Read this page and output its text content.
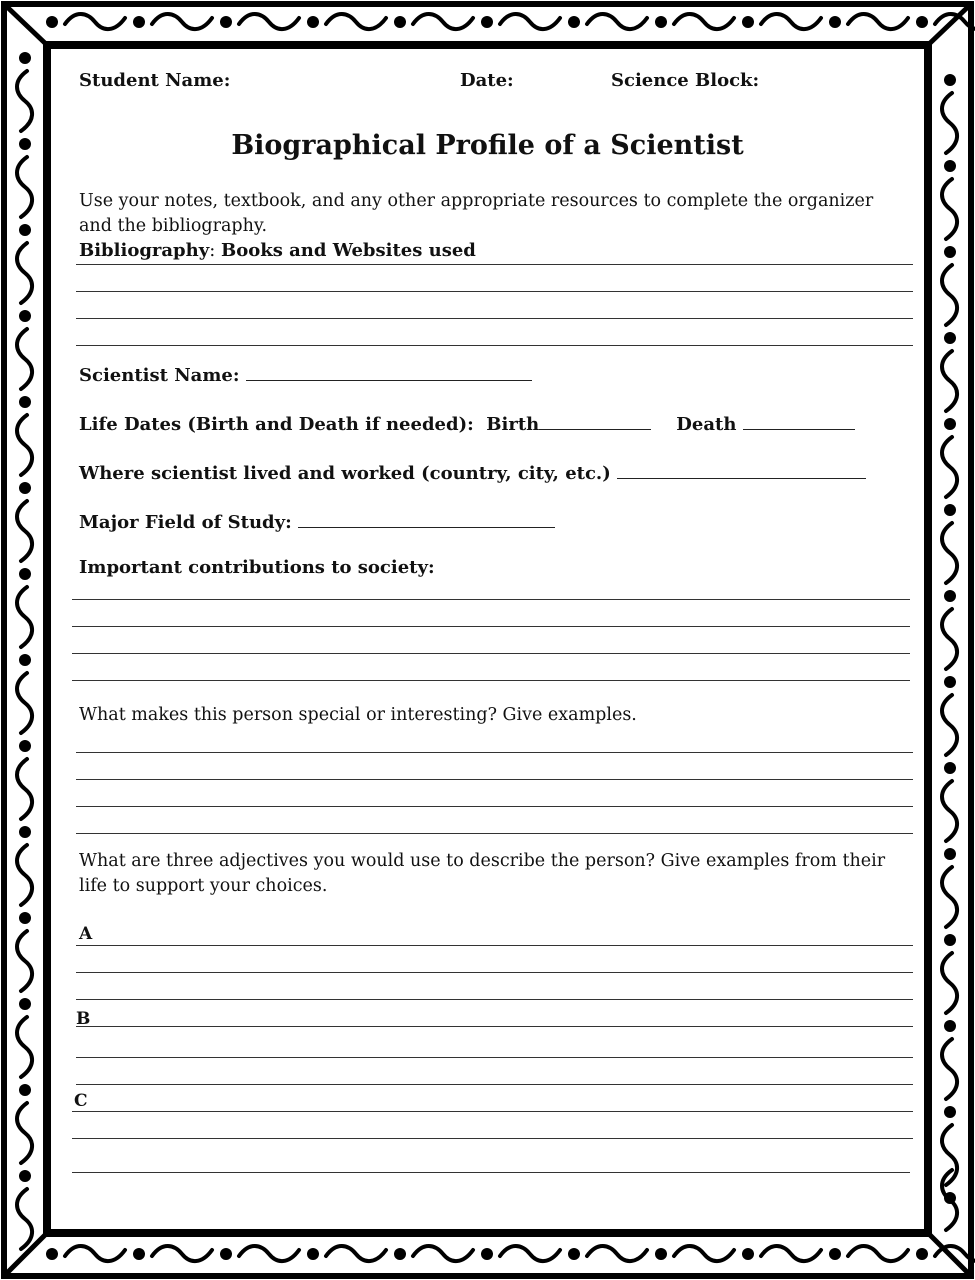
Student Name:	Date:	Science Block:
Biographical Profile of a Scientist
Use your notes, textbook, and any other appropriate resources to complete the organizer and the bibliography.
Bibliography: Books and Websites used
Scientist Name:
Life Dates (Birth and Death if needed): Birth	Death
Where scientist lived and worked (country, city, etc.)
Major Field of Study:
Important contributions to society:
What makes this person special or interesting? Give examples.
What are three adjectives you would use to describe the person? Give examples from their life to support your choices.
A
B
C
